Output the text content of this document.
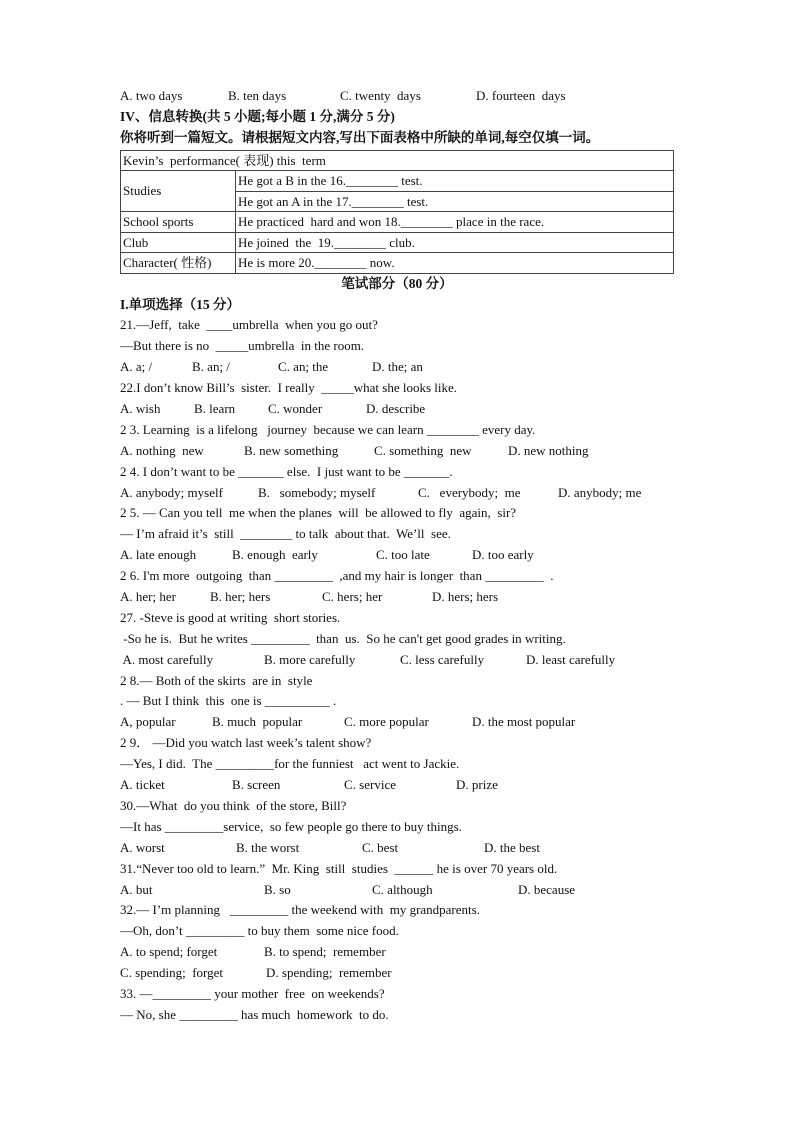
A. two days	B. ten days	C. twenty  days	D. fourteen  days
IV、信息转换(共 5 小题;每小题 1 分,满分 5 分)
你将听到一篇短文。请根据短文内容,写出下面表格中所缺的单词,每空仅填一词。
Kevin’s  performance( 表现) this  term	
Studies	He got a B in the 16.________ test.
	He got an A in the 17.________ test.
School sports	He practiced  hard and won 18.________ place in the race.
Club	He joined  the  19.________ club.
Character( 性格)	He is more 20.________ now.
笔试部分（80 分）
I.单项选择（15 分）
21.—Jeff,  take  ____umbrella  when you go out?
—But there is no  _____umbrella  in the room.
A. a; /	B. an; /	C. an; the	D. the; an
22.I don’t know Bill’s  sister.  I really  _____what she looks like.
A. wish	B. learn	C. wonder	D. describe
2 3. Learning  is a lifelong   journey  because we can learn ________ every day.
A. nothing  new	B. new something	C. something  new	D. new nothing
2 4. I don’t want to be _______ else.  I just want to be _______.
A. anybody; myself	B.   somebody; myself	C.   everybody;  me	D. anybody; me
2 5. — Can you tell  me when the planes  will  be allowed to fly  again,  sir?
— I’m afraid it’s  still  ________ to talk  about that.  We’ll  see.
A. late enough	B. enough  early	C. too late	D. too early
2 6. I'm more  outgoing  than _________  ,and my hair is longer  than _________  .
A. her; her	B. her; hers	C. hers; her	D. hers; hers
27. -Steve is good at writing  short stories.
-So he is.  But he writes _________  than  us.  So he can't get good grades in writing.
A. most carefully	B. more carefully	C. less carefully	D. least carefully
2 8.— Both of the skirts  are in  style
. — But I think  this  one is __________ .
A, popular	B. much  popular	C. more popular	D. the most popular
2 9． —Did you watch last week’s talent show?
—Yes, I did.  The _________for the funniest   act went to Jackie.
A. ticket	B. screen	C. service	D. prize
30.—What  do you think  of the store, Bill?
—It has _________service,  so few people go there to buy things.
A. worst	B. the worst	C. best	D. the best
31.“Never too old to learn.”  Mr. King  still  studies  ______ he is over 70 years old.
A. but	B. so	C. although	D. because
32.— I’m planning   _________ the weekend with  my grandparents.
—Oh, don’t _________ to buy them  some nice food.
A. to spend; forget	B. to spend;  remember
C. spending;  forget	D. spending;  remember
33. —_________ your mother  free  on weekends?
— No, she _________ has much  homework  to do.
